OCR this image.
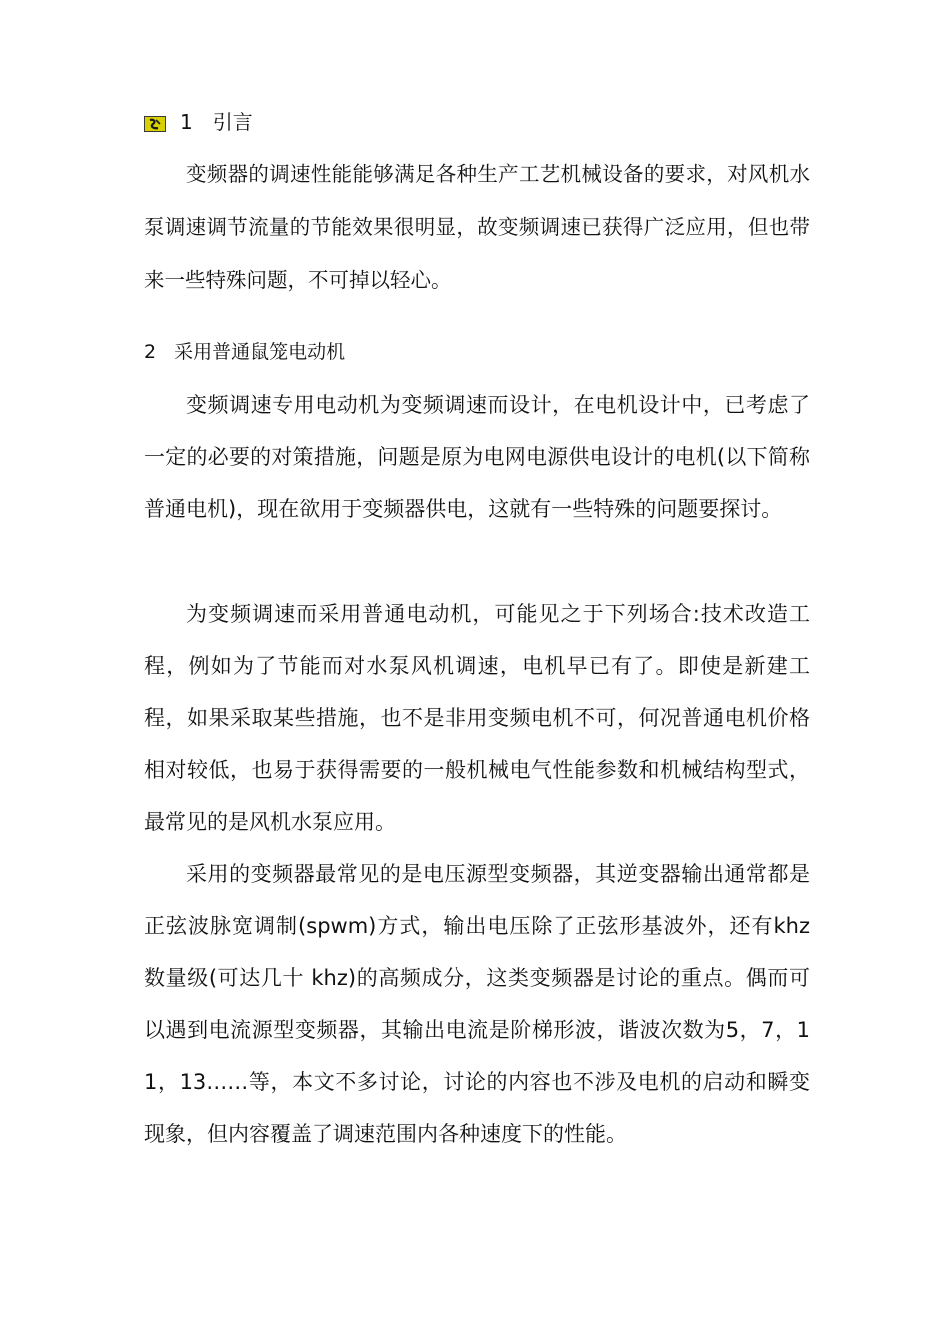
1 引言

变频器的调速性能能够满足各种生产工艺机械设备的要求，对风机水泵调速调节流量的节能效果很明显，故变频调速已获得广泛应用，但也带来一些特殊问题，不可掉以轻心。

2 采用普通鼠笼电动机

变频调速专用电动机为变频调速而设计，在电机设计中，已考虑了一定的必要的对策措施，问题是原为电网电源供电设计的电机(以下简称普通电机)，现在欲用于变频器供电，这就有一些特殊的问题要探讨。

为变频调速而采用普通电动机，可能见之于下列场合:技术改造工程，例如为了节能而对水泵风机调速，电机早已有了。即使是新建工程，如果采取某些措施，也不是非用变频电机不可，何况普通电机价格相对较低，也易于获得需要的一般机械电气性能参数和机械结构型式，最常见的是风机水泵应用。

采用的变频器最常见的是电压源型变频器，其逆变器输出通常都是正弦波脉宽调制(spwm)方式，输出电压除了正弦形基波外，还有khz 数量级(可达几十 khz)的高频成分，这类变频器是讨论的重点。偶而可以遇到电流源型变频器，其输出电流是阶梯形波，谐波次数为5，7，11，13……等，本文不多讨论，讨论的内容也不涉及电机的启动和瞬变现象，但内容覆盖了调速范围内各种速度下的性能。
